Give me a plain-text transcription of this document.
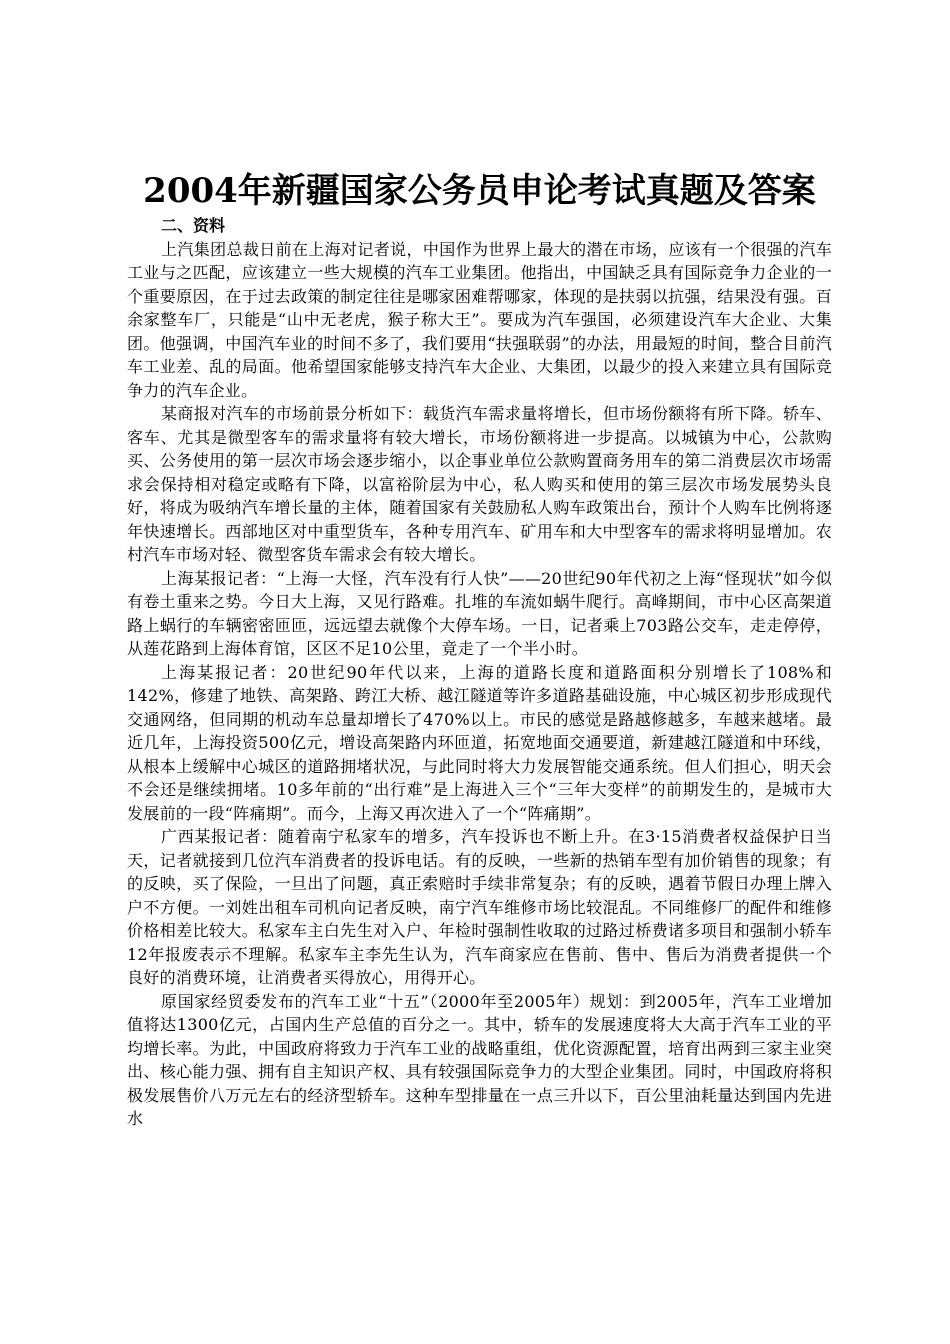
2004年新疆国家公务员申论考试真题及答案

二、资料

上汽集团总裁日前在上海对记者说，中国作为世界上最大的潜在市场，应该有一个很强的汽车工业与之匹配，应该建立一些大规模的汽车工业集团。他指出，中国缺乏具有国际竞争力企业的一个重要原因，在于过去政策的制定往往是哪家困难帮哪家，体现的是扶弱以抗强，结果没有强。百余家整车厂，只能是“山中无老虎，猴子称大王”。要成为汽车强国，必须建设汽车大企业、大集团。他强调，中国汽车业的时间不多了，我们要用“扶强联弱”的办法，用最短的时间，整合目前汽车工业差、乱的局面。他希望国家能够支持汽车大企业、大集团，以最少的投入来建立具有国际竞争力的汽车企业。

某商报对汽车的市场前景分析如下：载货汽车需求量将增长，但市场份额将有所下降。轿车、客车、尤其是微型客车的需求量将有较大增长，市场份额将进一步提高。以城镇为中心，公款购买、公务使用的第一层次市场会逐步缩小，以企事业单位公款购置商务用车的第二消费层次市场需求会保持相对稳定或略有下降，以富裕阶层为中心，私人购买和使用的第三层次市场发展势头良好，将成为吸纳汽车增长量的主体，随着国家有关鼓励私人购车政策出台，预计个人购车比例将逐年快速增长。西部地区对中重型货车，各种专用汽车、矿用车和大中型客车的需求将明显增加。农村汽车市场对轻、微型客货车需求会有较大增长。

上海某报记者：“上海一大怪，汽车没有行人快”——20世纪90年代初之上海“怪现状”如今似有卷土重来之势。今日大上海，又见行路难。扎堆的车流如蜗牛爬行。高峰期间，市中心区高架道路上蜗行的车辆密密匝匝，远远望去就像个大停车场。一日，记者乘上703路公交车，走走停停，从莲花路到上海体育馆，区区不足10公里，竟走了一个半小时。

上海某报记者：20世纪90年代以来，上海的道路长度和道路面积分别增长了108%和142%，修建了地铁、高架路、跨江大桥、越江隧道等许多道路基础设施，中心城区初步形成现代交通网络，但同期的机动车总量却增长了470%以上。市民的感觉是路越修越多，车越来越堵。最近几年，上海投资500亿元，增设高架路内环匝道，拓宽地面交通要道，新建越江隧道和中环线，从根本上缓解中心城区的道路拥堵状况，与此同时将大力发展智能交通系统。但人们担心，明天会不会还是继续拥堵。10多年前的“出行难”是上海进入三个“三年大变样”的前期发生的，是城市大发展前的一段“阵痛期”。而今，上海又再次进入了一个“阵痛期”。

广西某报记者：随着南宁私家车的增多，汽车投诉也不断上升。在3·15消费者权益保护日当天，记者就接到几位汽车消费者的投诉电话。有的反映，一些新的热销车型有加价销售的现象；有的反映，买了保险，一旦出了问题，真正索赔时手续非常复杂；有的反映，遇着节假日办理上牌入户不方便。一刘姓出租车司机向记者反映，南宁汽车维修市场比较混乱。不同维修厂的配件和维修价格相差比较大。私家车主白先生对入户、年检时强制性收取的过路过桥费诸多项目和强制小轿车12年报废表示不理解。私家车主李先生认为，汽车商家应在售前、售中、售后为消费者提供一个良好的消费环境，让消费者买得放心，用得开心。

原国家经贸委发布的汽车工业“十五”（2000年至2005年）规划：到2005年，汽车工业增加值将达1300亿元，占国内生产总值的百分之一。其中，轿车的发展速度将大大高于汽车工业的平均增长率。为此，中国政府将致力于汽车工业的战略重组，优化资源配置，培育出两到三家主业突出、核心能力强、拥有自主知识产权、具有较强国际竞争力的大型企业集团。同时，中国政府将积极发展售价八万元左右的经济型轿车。这种车型排量在一点三升以下，百公里油耗量达到国内先进水
